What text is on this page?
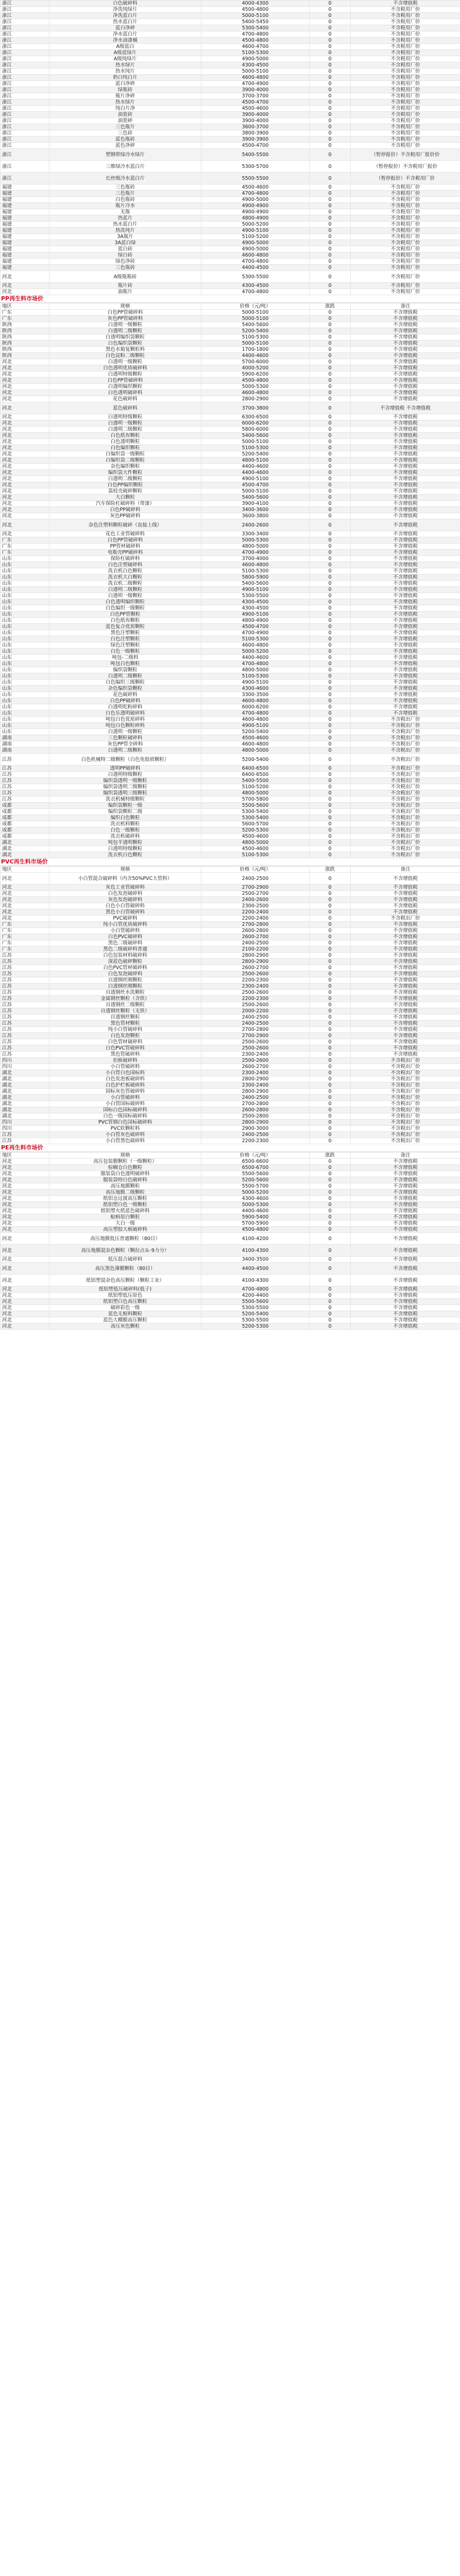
浙江	白色破碎料	4000-4300	0	不含增值税
浙江	净洗纯绿片	4500-4800	0	不含税用厂价
浙江	净洗蓝白片	5000-5100	0	不含税用厂价
浙江	热水蓝白片	5400-5450	0	不含税用厂价
浙江	蓝白净碎	5300-5400	0	不含税用厂价
浙江	净水蓝白片	4700-4800	0	不含税用厂价
浙江	净水油漆桶	4500-4800	0	不含税用厂价
浙江	A级蓝白	4600-4700	0	不含税用厂价
浙江	A级蓝绿片	5100-5300	0	不含税用厂价
浙江	A级纯绿片	4900-5000	0	不含税用厂价
浙江	热水绿片	4300-4500	0	不含税用厂价
浙江	热水纯片	5000-5100	0	不含税用厂价
浙江	奶白纯白片	4600-4800	0	不含税用厂价
浙江	蓝白净碎	4700-4900	0	不含税用厂价
浙江	绿瓶砖	3900-4000	0	不含税用厂价
浙江	瓶片净碎	3700-3700	0	不含税用厂价
浙江	热水绿片	4500-4700	0	不含税用厂价
浙江	纯白片净	4500-4600	0	不含税用厂价
浙江	油瓷砖	3900-4000	0	不含税用厂价
浙江	油瓷碎	3900-4000	0	不含税用厂价
浙江	三色瓶片	3600-3700	0	不含税用厂价
浙江	三色砖	3800-3900	0	不含税用厂价
浙江	蓝色瓶砖	3900-3900	0	不含税用厂价
浙江	蓝色净碎	4500-4700	0	不含税用厂价
浙江	塑钢带绿冷水绿片	5400-5500	0	（暂停报价）不含税用厂报价价
浙江	三维绿冷水蓝白片	5300-5700	0	（暂停报价）不含税用厂报价
浙江	长丝级冷水蓝白片	5500-5500	0	（暂停报价）不含税用厂价
福建	三色瓶砖	4500-4600	0	不含税用厂价
福建	三色瓶片	4700-4800	0	不含税用厂价
福建	白色瓶砖	4900-5000	0	不含税用厂价
福建	瓶片冷水	4900-4900	0	不含税用厂价
福建	无瓶	4900-4900	0	不含税用厂价
福建	热蓝片	4800-4900	0	不含税用厂价
福建	热水蓝白片	5000-5200	0	不含税用厂价
福建	热洗纯片	4900-5100	0	不含税用厂价
福建	3A瓶片	5100-5200	0	不含税用厂价
福建	3A蓝白绿	4900-5000	0	不含税用厂价
福建	蓝白砖	4900-5000	0	不含税用厂价
福建	绿白砖	4600-4800	0	不含税用厂价
福建	绿色净砖	4700-4800	0	不含税用厂价
福建	三色瓶砖	4400-4500	0	不含税用厂价
河北	A级瓶瓶砖	5300-5500	0	不含税用厂价
河北	瓶片砖	4300-4500	0	不含税用厂价
河北	油瓶片	4700-4800	0	不含税用厂价
PP再生料市场价
地区	规格	价格（元/吨）	涨跌	备注
广东	白色PP管破碎料	5000-5100	0	不含增值税
广东	灰色PP管破碎料	5000-5100	0	不含增值税
陕西	白透明一级颗粒	5400-5600	0	不含增值税
陕西	白透明二级颗粒	5200-5400	0	不含增值税
陕西	白透明编织袋颗粒	5100-5300	0	不含增值税
陕西	白色编织袋颗粒	5000-5100	0	不含增值税
陕西	黑色水箱复颗粒料	1700-1800	0	不含增值税
陕西	白色淀粉二级颗粒	4400-4600	0	不含增值税
河北	白透明一级颗粒	5700-6000	0	不含增值税
河北	白色透明优质破碎料	4000-5200	0	不含增值税
河北	白透明特级颗粒	5900-6200	0	不含增值税
河北	白色PP管破碎料	4500-4800	0	不含增值税
河北	白透明编织颗粒	5000-5300	0	不含增值税
河北	白色透明破碎料	4600-4800	0	不含增值税
河北	花色破碎料	2800-2900	0	不含增值税
河北	蓝色破碎料	3700-3800	0	不含增值税 不含增值税
河北	白透明特级颗粒	6300-6500	0	不含增值税
河北	白透明一级颗粒	6000-6200	0	不含增值税
河北	白透明二级颗粒	5800-6000	0	不含增值税
河北	白色纸布颗粒	5400-5600	0	不含增值税
河北	白色透明颗粒	5000-5100	0	不含增值税
河北	白色编织颗粒	5100-5300	0	不含增值税
河北	白编织袋一级颗粒	5200-5400	0	不含增值税
河北	白编织袋二级颗粒	4800-5100	0	不含增值税
河北	杂色编织颗粒	4400-4600	0	不含增值税
河北	编织袋大件颗粒	4400-4600	0	不含增值税
河北	白透明二级颗粒	4900-5100	0	不含增值税
河北	白色PP编织颗粒	4500-4700	0	不含增值税
河北	荔枝壳破碎颗粒	5000-5100	0	不含增值税
河北	大白颗粒	5400-5600	0	不含增值税
河北	汽车保险杠破碎料（带漆）	3900-4100	0	不含增值税
河北	白色PP破碎料	3400-3600	0	不含增值税
河北	灰色PP破碎料	3600-3800	0	不含增值税
河北	杂色注塑料颗粒破碎（直接上线）	2400-2600	0	不含增值税
河北	花色工业管破碎料	3300-3400	0	不含增值税
广东	白色PP管破碎料	5000-5300	0	不含增值税
广东	PP管材破碎料	4800-5000	0	不含增值税
广东	电瓶壳PP破碎料	4700-4900	0	不含增值税
山东	保险杠破碎料	3700-4000	0	不含增值税
山东	白色注塑破碎料	4600-4800	0	不含增值税
山东	洗衣机白色颗粒	5100-5300	0	不含增值税
山东	洗衣机大白颗粒	5800-5900	0	不含增值税
山东	洗衣机二级颗粒	5400-5600	0	不含增值税
山东	白透明二级颗粒	4900-5100	0	不含增值税
山东	白透明一级颗粒	5300-5500	0	不含增值税
山东	白色透明编织颗粒	4300-4500	0	不含增值税
山东	白色编织一级颗粒	4300-4500	0	不含增值税
山东	白色PP管颗粒	4900-5100	0	不含增值税
山东	白色纸布颗粒	4800-4900	0	不含增值税
山东	蓝色复合优质颗粒	4500-4700	0	不含增值税
山东	黑色注塑颗粒	4700-4900	0	不含增值税
山东	白色注塑颗粒	5100-5300	0	不含增值税
山东	绿色注塑颗粒	4600-4800	0	不含增值税
山东	白色一级颗粒	5000-5200	0	不含增值税
山东	吨包-二级料	4400-4600	0	不含增值税
山东	吨包白色颗粒	4700-4800	0	不含增值税
山东	编织袋颗粒	4800-5000	0	不含增值税
山东	白透明二级颗粒	5100-5300	0	不含增值税
山东	白色编织三级颗粒	4900-5100	0	不含增值税
山东	杂色编织袋颗粒	4300-4600	0	不含增值税
山东	花色破碎料	3300-3500	0	不含增值税
山东	白色PP破碎料	4600-4800	0	不含增值税
山东	白透明吃粉碎料	6000-6200	0	不含增值税
山东	白色乐透明破碎料	4700-4800	0	不含增值税
山东	吨包白色优质碎料	4600-4800	0	不含税出厂价
山东	吨包白色颗粒碎料	4900-5100	0	不含税出厂价
山东	白透明一级颗粒	5200-5400	0	不含税出厂价
湖南	三色颗粒破碎料	4500-4600	0	不含税出厂价
湖南	灰色PP管全碎料	4600-4800	0	不含税出厂价
湖南	白透明二级颗粒	4800-5000	0	不含税出厂价
江苏	白色机械特二级颗粒（白色免胶质颗粒）	5200-5400	0	不含税出厂价
江苏	透明PP破碎料	6400-6500	0	不含税出厂价
江苏	白透明特级颗粒	6400-6500	0	不含税出厂价
江苏	编织袋透明一级颗粒	5400-5500	0	不含税出厂价
江苏	编织袋透明二级颗粒	5100-5200	0	不含税出厂价
江苏	编织袋透明三级颗粒	4800-5000	0	不含税出厂价
江苏	洗衣机械特级颗粒	5700-5800	0	不含税出厂价
成都	编织袋颗粒一级	5500-5600	0	不含税出厂价
成都	编织袋颗粒二级	5300-5400	0	不含税出厂价
成都	编织白色颗粒	5300-5400	0	不含税出厂价
成都	洗衣机料颗粒	5600-5700	0	不含税出厂价
成都	白色一级颗粒	5200-5300	0	不含税出厂价
成都	洗衣机破碎料	4500-4600	0	不含税出厂价
湖北	吨包半透明颗粒	4800-5000	0	不含税出厂价
湖北	白透明特级颗粒	4500-4600	0	不含税出厂价
湖北	洗衣机白色颗粒	5100-5300	0	不含税出厂价
PVC再生料市场价
地区	规格	价格（元/吨）	涨跌	备注
河北	小白管混合破碎料（内含50%PVC大管料）	2400-2500	0	不含增值税
河北	灰色工业管破碎料	2700-2900	0	不含增值税
河北	白色发泡破碎料	2500-2700	0	不含增值税
河北	灰色发泡破碎料	2400-2600	0	不含增值税
河北	白色小白管破碎料	2300-2500	0	不含增值税
河北	黑色小白管破碎料	2200-2400	0	不含增值税
河北	PVC破碎料	2200-2400	0	不含税出厂价
广东	纯小白管优质破碎料	2700-2800	0	不含增值税
广东	小白管破碎料	2600-2800	0	不含增值税
广东	白色PVC破碎料	2600-2700	0	不含增值税
广东	黑色二级破碎料	2400-2500	0	不含增值税
广东	黑色二级破碎料普通	2100-2200	0	不含增值税
江苏	白色包装材料破碎料	2800-2900	0	不含增值税
江苏	深蓝色破碎颗粒	2800-2900	0	不含增值税
江苏	白色PVC管材破碎料	2600-2700	0	不含增值税
江苏	白色发泡破碎料	2500-2600	0	不含增值税
江苏	自透钢丝刚颗粒	2200-2300	0	不含增值税
江苏	白透钢丝刚颗粒	2300-2400	0	不含增值税
江苏	自透钢丝水洗颗粒	2500-2600	0	不含增值税
江苏	金属钢丝颗粒（含铁）	2200-2300	0	不含增值税
江苏	自透钢丝二级颗粒	2500-2600	0	不含增值税
江苏	自透钢丝颗粒（无铁）	2000-2200	0	不含增值税
江苏	自透钢丝颗粒	2400-2500	0	不含增值税
江苏	黑色管材颗粒	2400-2500	0	不含增值税
江苏	纯小白管破碎料	2700-2800	0	不含增值税
江苏	白色发泡颗粒	2700-2900	0	不含增值税
江苏	白色管材破碎料	2500-2600	0	不含增值税
江苏	白色PVC管破碎料	2500-2600	0	不含增值税
江苏	黑色管破碎料	2300-2400	0	不含增值税
四川	扣板破碎料	2500-2600	0	不含税出厂价
四川	小白管破碎料	2600-2700	0	不含税出厂价
湖北	小白管白色国标料	2300-2400	0	不含税出厂价
湖北	白色发泡板破碎料	2800-2900	0	不含税出厂价
湖北	白色护栏板破碎料	2300-2400	0	不含税出厂价
湖北	国标灰色管破碎料	2800-2900	0	不含税出厂价
湖北	小白管破碎料	2400-2500	0	不含税出厂价
湖北	小白管国标破碎料	2700-2800	0	不含税出厂价
湖北	国标白色国标破碎料	2600-2800	0	不含税出厂价
湖北	白色一级国标破碎料	2500-2800	0	不含税出厂价
四川	PVC管钢白色国标破碎料	2800-2900	0	不含税出厂价
四川	PVC软颗粒料	2900-3000	0	不含税出厂价
江苏	小白管灰色破碎料	2400-2500	0	不含税出厂价
江苏	小白管黑色破碎料	2200-2300	0	不含税出厂价
PE再生料市场价
地区	规格	价格（元/吨）	涨跌	备注
河北	高压包装膜颗粒（一级颗粒）	6500-6600	0	不含增值税
河北	棕榈仓白色颗粒	6500-6700	0	不含增值税
河北	服装袋白色透明破碎料	5500-5600	0	不含增值税
河北	服装袋特白色破碎料	5200-5600	0	不含增值税
河北	高压地膜颗粒	5500-5700	0	不含增值税
河北	高压地膜二级颗粒	5000-5200	0	不含增值税
河北	纸铝仓过渡高压颗粒	4300-4600	0	不含增值税
河北	纸铝塑白色一级颗粒	5000-5300	0	不含增值税
河北	纸铝塑火纸蓝色破碎料	4400-4600	0	不含增值税
河北	蛤蚪原白颗粒	5900-5400	0	不含增值税
河北	大白一级	5700-5900	0	不含增值税
河北	高压塑胶大板破碎料	4500-4800	0	不含增值税
河北	高压地膜低压普通颗粒（80目）	4100-4200	0	不含增值税
河北	高压地膜混杂色颗粒（颗拉点＆-9力分）	4100-4300	0	不含增值税
河北	低压混合破碎料	3400-3500	0	不含增值税
河北	高压黑色薄膜颗粒（80目）	4400-4500	0	不含增值税
河北	纸铝塑混杂色高压颗粒（颗粒工业）	4100-4300	0	不含增值税
河北	纸铝塑低压破碎料(低子)	4700-4800	0	不含增值税
河北	纸铝塑低压原色	4200-4400	0	不含增值税
河北	纸铝塑白色高压颗粒	5500-5600	0	不含增值税
河北	破碎彩色一级	5300-5500	0	不含增值税
河北	蓝色无根料颗粒	5200-5400	0	不含增值税
河北	蓝色大棚膜高压颗粒	5300-5500	0	不含增值税
河北	高压灰色颗粒	5200-5300	0	不含增值税
